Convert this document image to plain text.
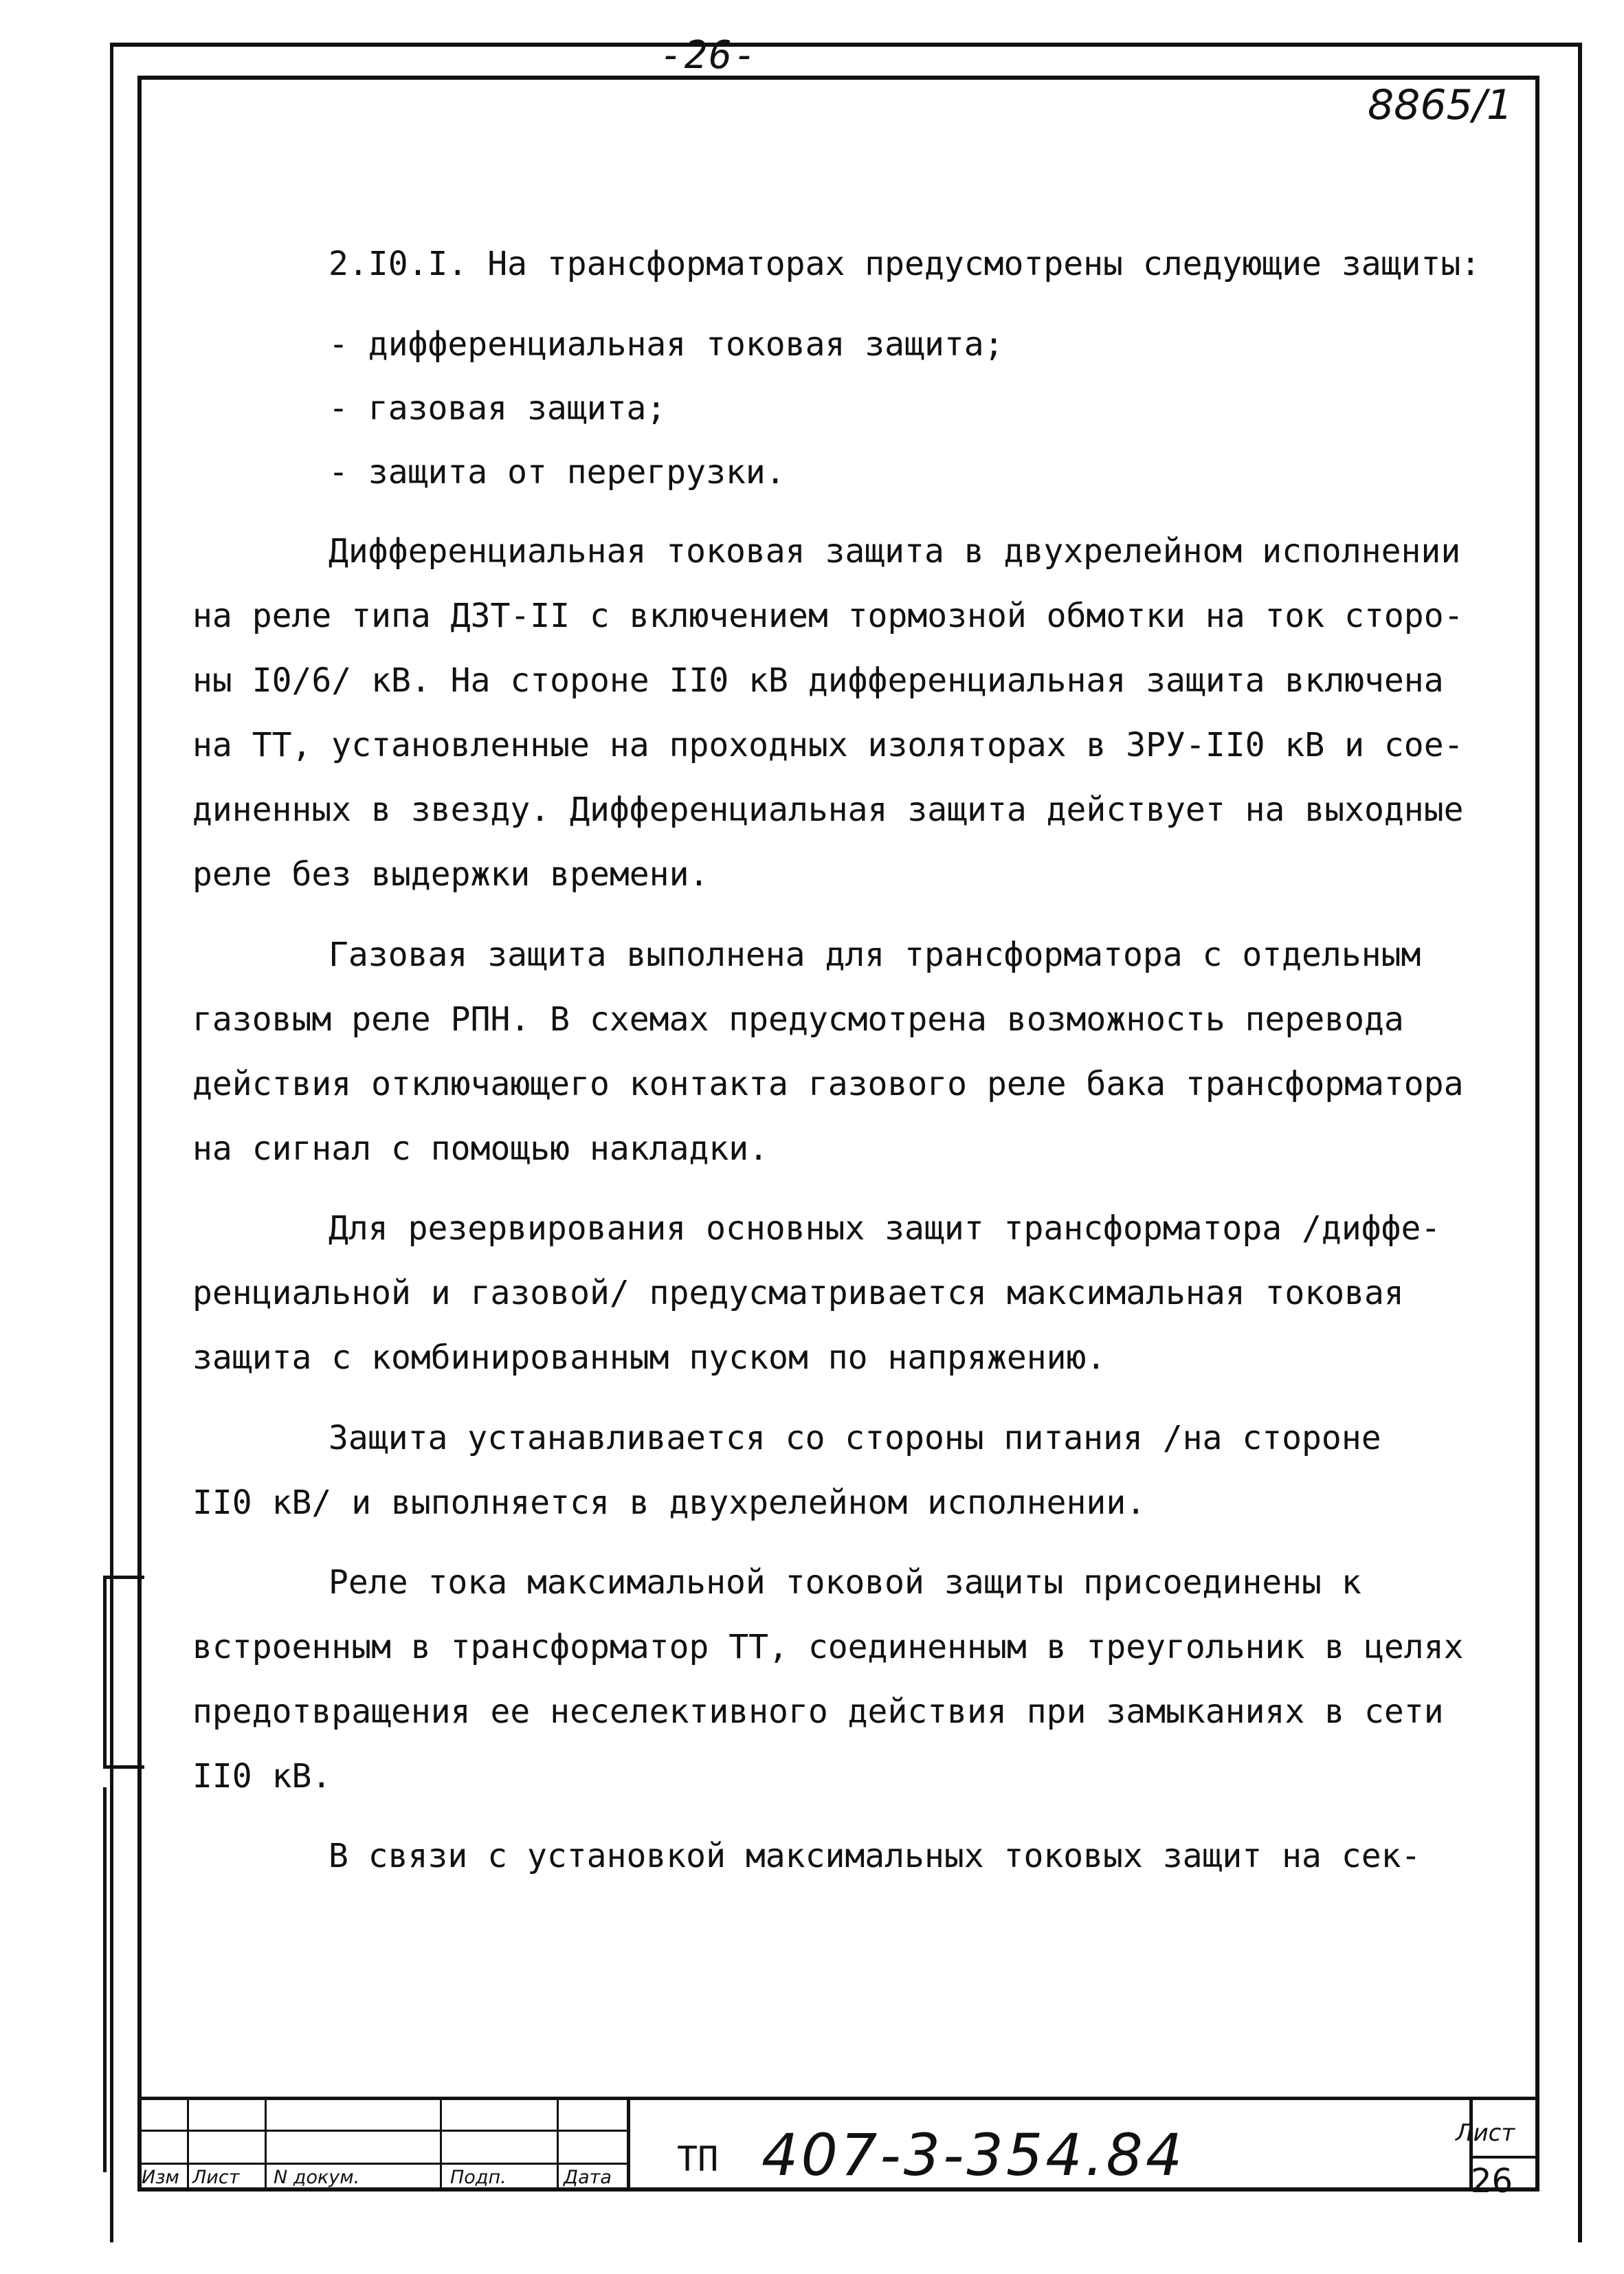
-26-
8865/1
2.I0.I. На трансформаторах предусмотрены следующие защиты:
- дифференциальная токовая защита;
- газовая защита;
- защита от перегрузки.
Дифференциальная токовая защита в двухрелейном исполнении
на реле типа ДЗТ-II с включением тормозной обмотки на ток сторо-
ны I0/6/ кВ. На стороне II0 кВ дифференциальная защита включена
на ТТ, установленные на проходных изоляторах в ЗРУ-II0 кВ и сое-
диненных в звезду. Дифференциальная защита действует на выходные
реле без выдержки времени.
Газовая защита выполнена для трансформатора с отдельным
газовым реле РПН. В схемах предусмотрена возможность перевода
действия отключающего контакта газового реле бака трансформатора
на сигнал с помощью накладки.
Для резервирования основных защит трансформатора /диффе-
ренциальной и газовой/ предусматривается максимальная токовая
защита с комбинированным пуском по напряжению.
Защита устанавливается со стороны питания /на стороне
II0 кВ/ и выполняется в двухрелейном исполнении.
Реле тока максимальной токовой защиты присоединены к
встроенным в трансформатор ТТ, соединенным в треугольник в целях
предотвращения ее неселективного действия при замыканиях в сети
II0 кВ.
В связи с установкой максимальных токовых защит на сек-
Изм Лист N докум.	Подп.	Дата ТП 407-3-354.84	Лист
26
